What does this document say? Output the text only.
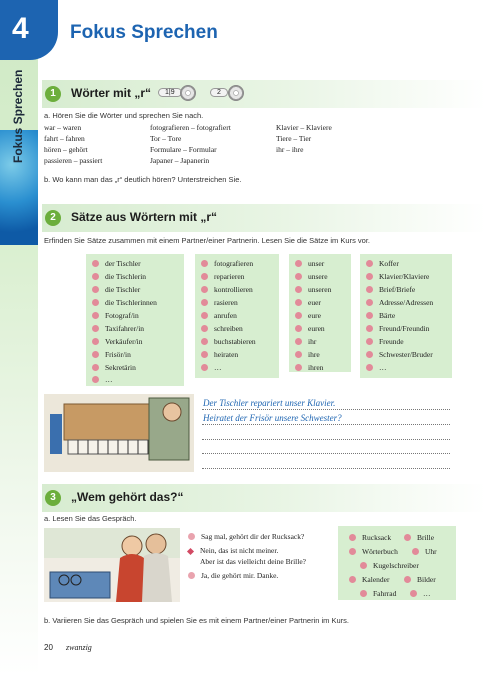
4
Fokus Sprechen
Fokus Sprechen
1	Wörter mit „r“	1|9	2
a. Hören Sie die Wörter und sprechen Sie nach.
war – waren	fotografieren – fotografiert	Klavier – Klaviere
fahrt – fahren	Tor – Tore	Tiere – Tier
hören – gehört	Formulare – Formular	ihr – ihre
passieren – passiert	Japaner – Japanerin
b. Wo kann man das „r“ deutlich hören? Unterstreichen Sie.
2	Sätze aus Wörtern mit „r“
Erfinden Sie Sätze zusammen mit einem Partner/einer Partnerin. Lesen Sie die Sätze im Kurs vor.
der Tischler
die Tischlerin
die Tischler
die Tischlerinnen
Fotograf/in
Taxifahrer/in
Verkäufer/in
Frisör/in
Sekretärin
…
fotografieren
reparieren
kontrollieren
rasieren
anrufen
schreiben
buchstabieren
heiraten
…
unser
unsere
unseren
euer
eure
euren
ihr
ihre
ihren
Koffer
Klavier/Klaviere
Brief/Briefe
Adresse/Adressen
Bärte
Freund/Freundin
Freunde
Schwester/Bruder
…
Der Tischler repariert unser Klavier.
Heiratet der Frisör unsere Schwester?
3	„Wem gehört das?“
a. Lesen Sie das Gespräch.
Sag mal, gehört dir der Rucksack?
Nein, das ist nicht meiner.
Aber ist das vielleicht deine Brille?
Ja, die gehört mir. Danke.
Rucksack	Brille
Wörterbuch	Uhr
Kugelschreiber
Kalender	Bilder
Fahrrad	…
b. Variieren Sie das Gespräch und spielen Sie es mit einem Partner/einer Partnerin im Kurs.
20 zwanzig
